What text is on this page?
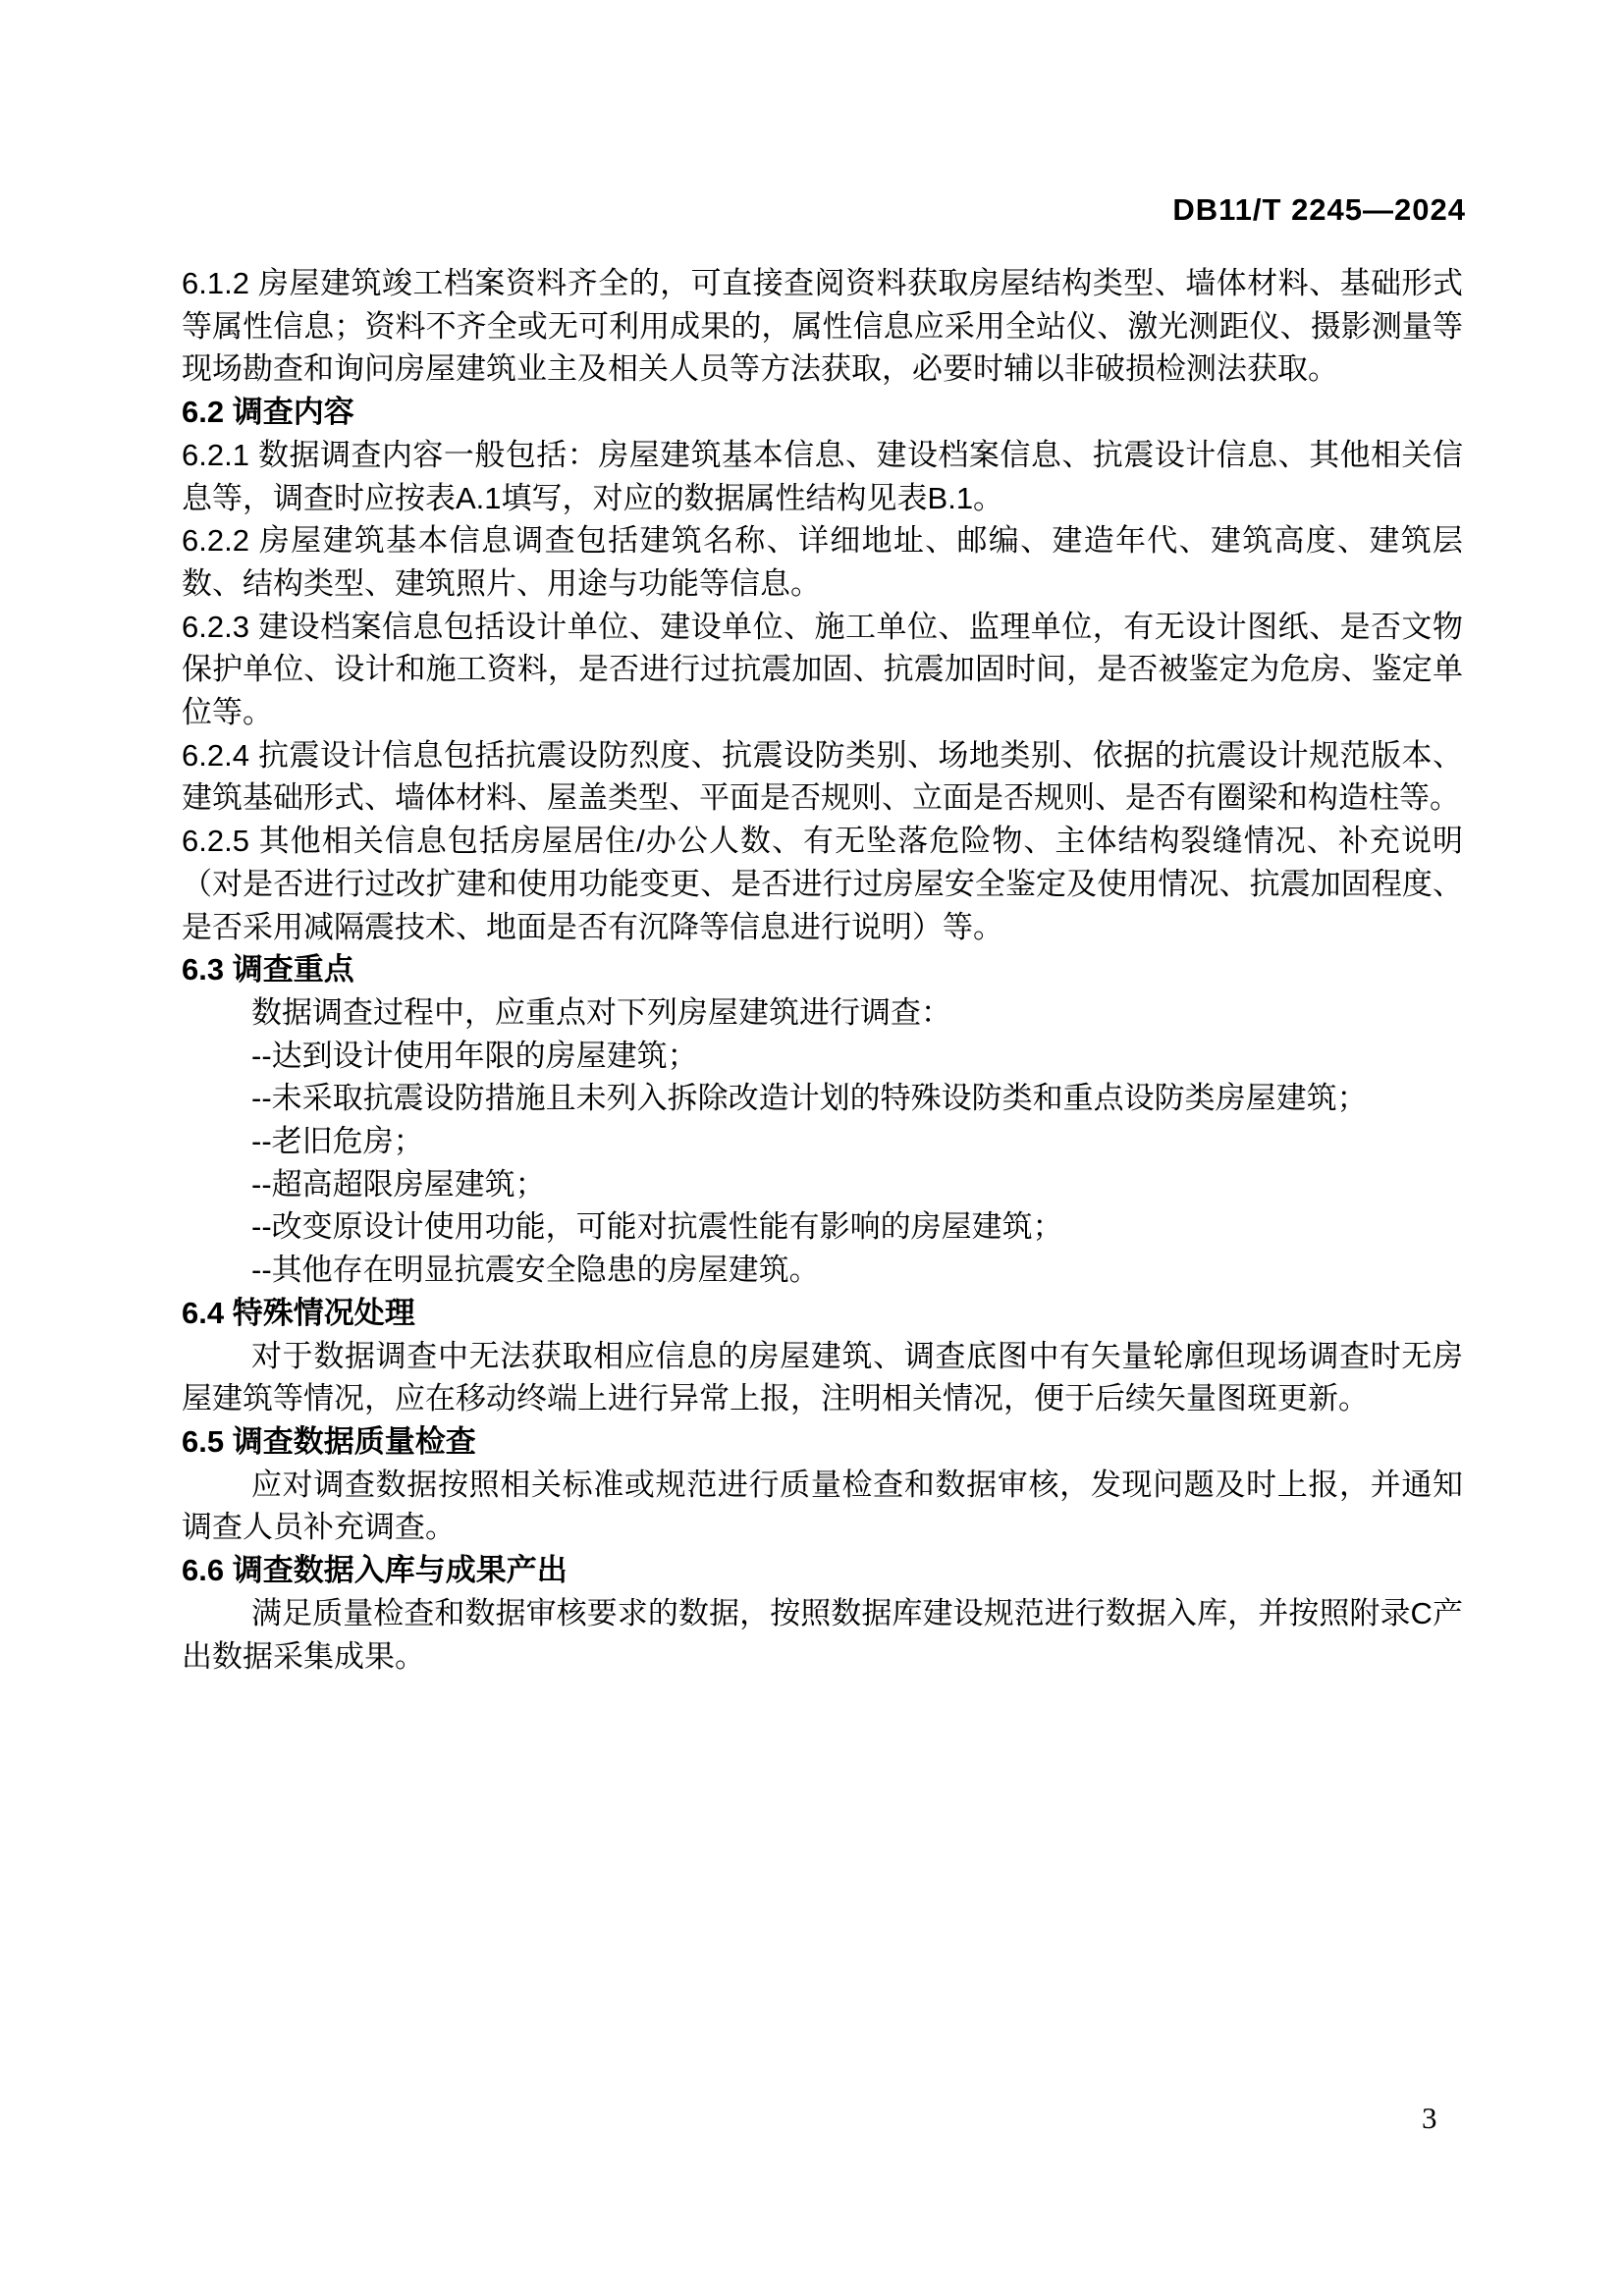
DB11/T 2245—2024

6.1.2 房屋建筑竣工档案资料齐全的，可直接查阅资料获取房屋结构类型、墙体材料、基础形式等属性信息；资料不齐全或无可利用成果的，属性信息应采用全站仪、激光测距仪、摄影测量等现场勘查和询问房屋建筑业主及相关人员等方法获取，必要时辅以非破损检测法获取。

6.2 调查内容

6.2.1 数据调查内容一般包括：房屋建筑基本信息、建设档案信息、抗震设计信息、其他相关信息等，调查时应按表A.1填写，对应的数据属性结构见表B.1。

6.2.2 房屋建筑基本信息调查包括建筑名称、详细地址、邮编、建造年代、建筑高度、建筑层数、结构类型、建筑照片、用途与功能等信息。

6.2.3 建设档案信息包括设计单位、建设单位、施工单位、监理单位，有无设计图纸、是否文物保护单位、设计和施工资料，是否进行过抗震加固、抗震加固时间，是否被鉴定为危房、鉴定单位等。

6.2.4 抗震设计信息包括抗震设防烈度、抗震设防类别、场地类别、依据的抗震设计规范版本、建筑基础形式、墙体材料、屋盖类型、平面是否规则、立面是否规则、是否有圈梁和构造柱等。

6.2.5 其他相关信息包括房屋居住/办公人数、有无坠落危险物、主体结构裂缝情况、补充说明（对是否进行过改扩建和使用功能变更、是否进行过房屋安全鉴定及使用情况、抗震加固程度、是否采用减隔震技术、地面是否有沉降等信息进行说明）等。

6.3 调查重点

数据调查过程中，应重点对下列房屋建筑进行调查：

--达到设计使用年限的房屋建筑；

--未采取抗震设防措施且未列入拆除改造计划的特殊设防类和重点设防类房屋建筑；

--老旧危房；

--超高超限房屋建筑；

--改变原设计使用功能，可能对抗震性能有影响的房屋建筑；

--其他存在明显抗震安全隐患的房屋建筑。

6.4 特殊情况处理

对于数据调查中无法获取相应信息的房屋建筑、调查底图中有矢量轮廓但现场调查时无房屋建筑等情况，应在移动终端上进行异常上报，注明相关情况，便于后续矢量图斑更新。

6.5 调查数据质量检查

应对调查数据按照相关标准或规范进行质量检查和数据审核，发现问题及时上报，并通知调查人员补充调查。

6.6 调查数据入库与成果产出

满足质量检查和数据审核要求的数据，按照数据库建设规范进行数据入库，并按照附录C产出数据采集成果。

3
